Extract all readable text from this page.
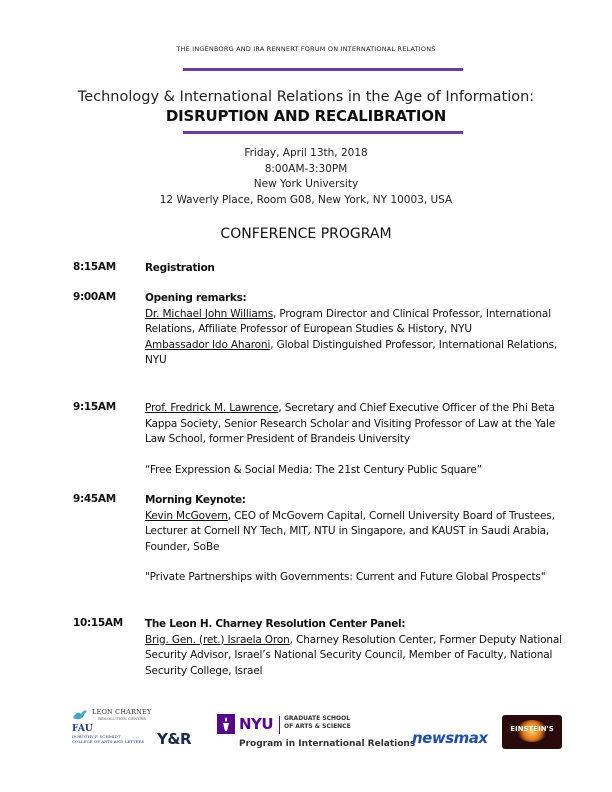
THE INGENBORG AND IRA RENNERT FORUM ON INTERNATIONAL RELATIONS
Technology & International Relations in the Age of Information:
DISRUPTION AND RECALIBRATION
Friday, April 13th, 2018
8:00AM-3:30PM
New York University
12 Waverly Place, Room G08, New York, NY 10003, USA
CONFERENCE PROGRAM
8:15AM	Registration
9:00AM	Opening remarks:

Dr. Michael John Williams, Program Director and Clinical Professor, International Relations, Affiliate Professor of European Studies & History, NYU

Ambassador Ido Aharoni, Global Distinguished Professor, International Relations, NYU

9:15AM	Prof. Fredrick M. Lawrence, Secretary and Chief Executive Officer of the Phi Beta Kappa Society, Senior Research Scholar and Visiting Professor of Law at the Yale Law School, former President of Brandeis University

“Free Expression & Social Media: The 21st Century Public Square”
9:45AM	Morning Keynote:

Kevin McGovern, CEO of McGovern Capital, Cornell University Board of Trustees, Lecturer at Cornell NY Tech, MIT, NTU in Singapore, and KAUST in Saudi Arabia, Founder, SoBe

"Private Partnerships with Governments: Current and Future Global Prospects"
10:15AM The Leon H. Charney Resolution Center Panel:

Brig. Gen. (ret.) Israela Oron, Charney Resolution Center, Former Deputy National Security Advisor, Israel’s National Security Council, Member of Faculty, National Security College, Israel

LEON CHARNEY
RESOLUTION CENTER
FAU
DOROTHY F. SCHMIDT
COLLEGE OF ARTS AND LETTERS Y&R
NYU GRADUATE SCHOOL
OF ARTS & SCIENCE
Program in International Relations
newsmax	EINSTEIN'S
